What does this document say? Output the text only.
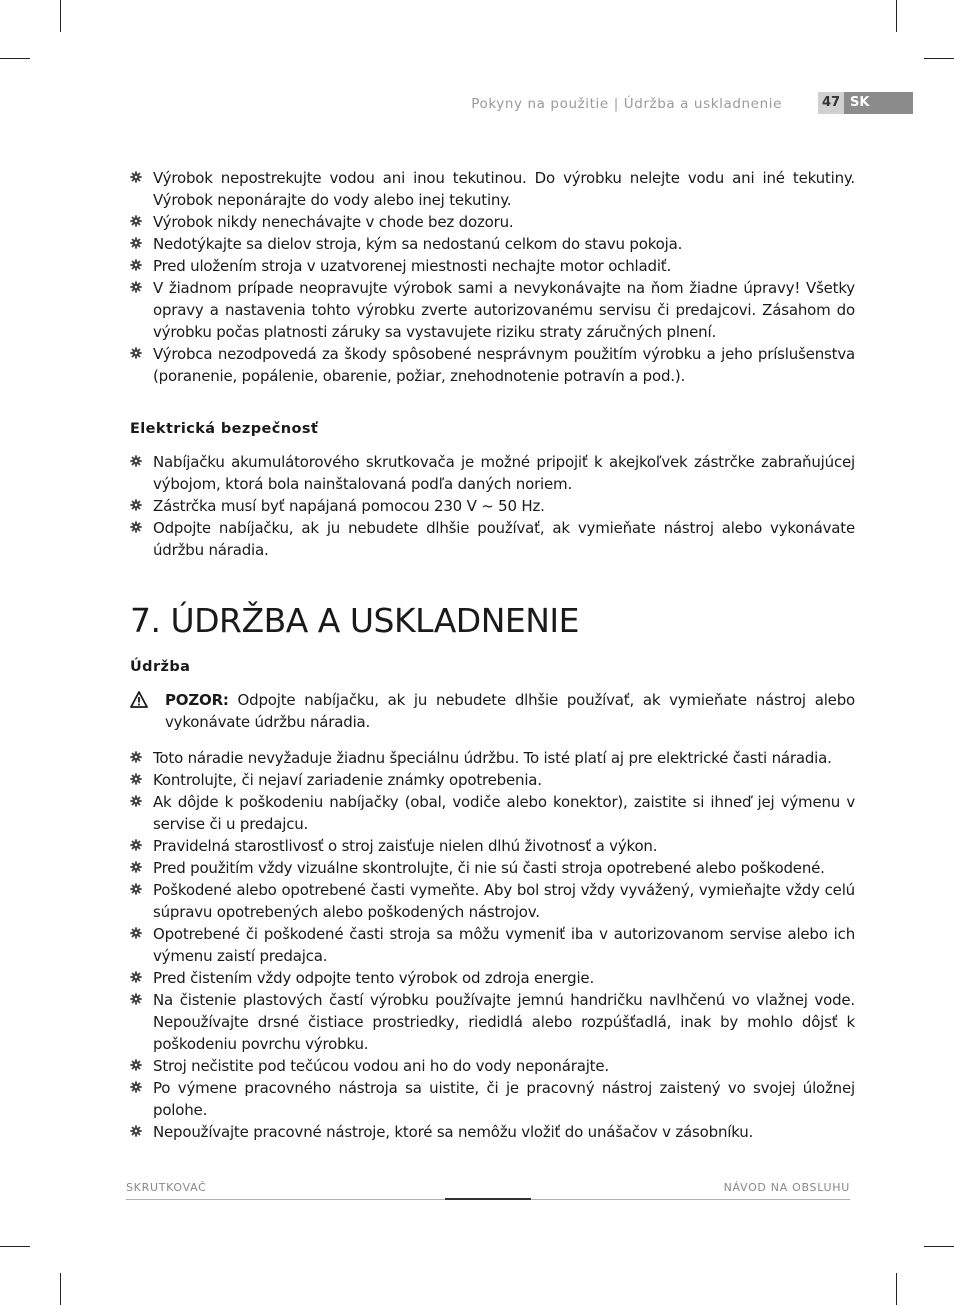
Pokyny na použitie | Údržba a uskladnenie	47 SK
Výrobok nepostrekujte vodou ani inou tekutinou. Do výrobku nelejte vodu ani iné tekutiny. Výrobok neponárajte do vody alebo inej tekutiny.
Výrobok nikdy nenechávajte v chode bez dozoru.
Nedotýkajte sa dielov stroja, kým sa nedostanú celkom do stavu pokoja.
Pred uložením stroja v uzatvorenej miestnosti nechajte motor ochladiť.
V žiadnom prípade neopravujte výrobok sami a nevykonávajte na ňom žiadne úpravy! Všetky opravy a nastavenia tohto výrobku zverte autorizovanému servisu či predajcovi. Zásahom do výrobku počas platnosti záruky sa vystavujete riziku straty záručných plnení.
Výrobca nezodpovedá za škody spôsobené nesprávnym použitím výrobku a jeho príslušenstva (poranenie, popálenie, obarenie, požiar, znehodnotenie potravín a pod.).
Elektrická bezpečnosť
Nabíjačku akumulátorového skrutkovača je možné pripojiť k akejkoľvek zástrčke zabraňujúcej výbojom, ktorá bola nainštalovaná podľa daných noriem.
Zástrčka musí byť napájaná pomocou 230 V ~ 50 Hz.
Odpojte nabíjačku, ak ju nebudete dlhšie používať, ak vymieňate nástroj alebo vykonávate údržbu náradia.
7. ÚDRŽBA A USKLADNENIE
Údržba
POZOR: Odpojte nabíjačku, ak ju nebudete dlhšie používať, ak vymieňate nástroj alebo vykonávate údržbu náradia.
Toto náradie nevyžaduje žiadnu špeciálnu údržbu. To isté platí aj pre elektrické časti náradia.
Kontrolujte, či nejaví zariadenie známky opotrebenia.
Ak dôjde k poškodeniu nabíjačky (obal, vodiče alebo konektor), zaistite si ihneď jej výmenu v servise či u predajcu.
Pravidelná starostlivosť o stroj zaisťuje nielen dlhú životnosť a výkon.
Pred použitím vždy vizuálne skontrolujte, či nie sú časti stroja opotrebené alebo poškodené.
Poškodené alebo opotrebené časti vymeňte. Aby bol stroj vždy vyvážený, vymieňajte vždy celú súpravu opotrebených alebo poškodených nástrojov.
Opotrebené či poškodené časti stroja sa môžu vymeniť iba v autorizovanom servise alebo ich výmenu zaistí predajca.
Pred čistením vždy odpojte tento výrobok od zdroja energie.
Na čistenie plastových častí výrobku používajte jemnú handričku navlhčenú vo vlažnej vode. Nepoužívajte drsné čistiace prostriedky, riedidlá alebo rozpúšťadlá, inak by mohlo dôjsť k poškodeniu povrchu výrobku.
Stroj nečistite pod tečúcou vodou ani ho do vody neponárajte.
Po výmene pracovného nástroja sa uistite, či je pracovný nástroj zaistený vo svojej úložnej polohe.
Nepoužívajte pracovné nástroje, ktoré sa nemôžu vložiť do unášačov v zásobníku.
SKRUTKOVAČ	NÁVOD NA OBSLUHU
